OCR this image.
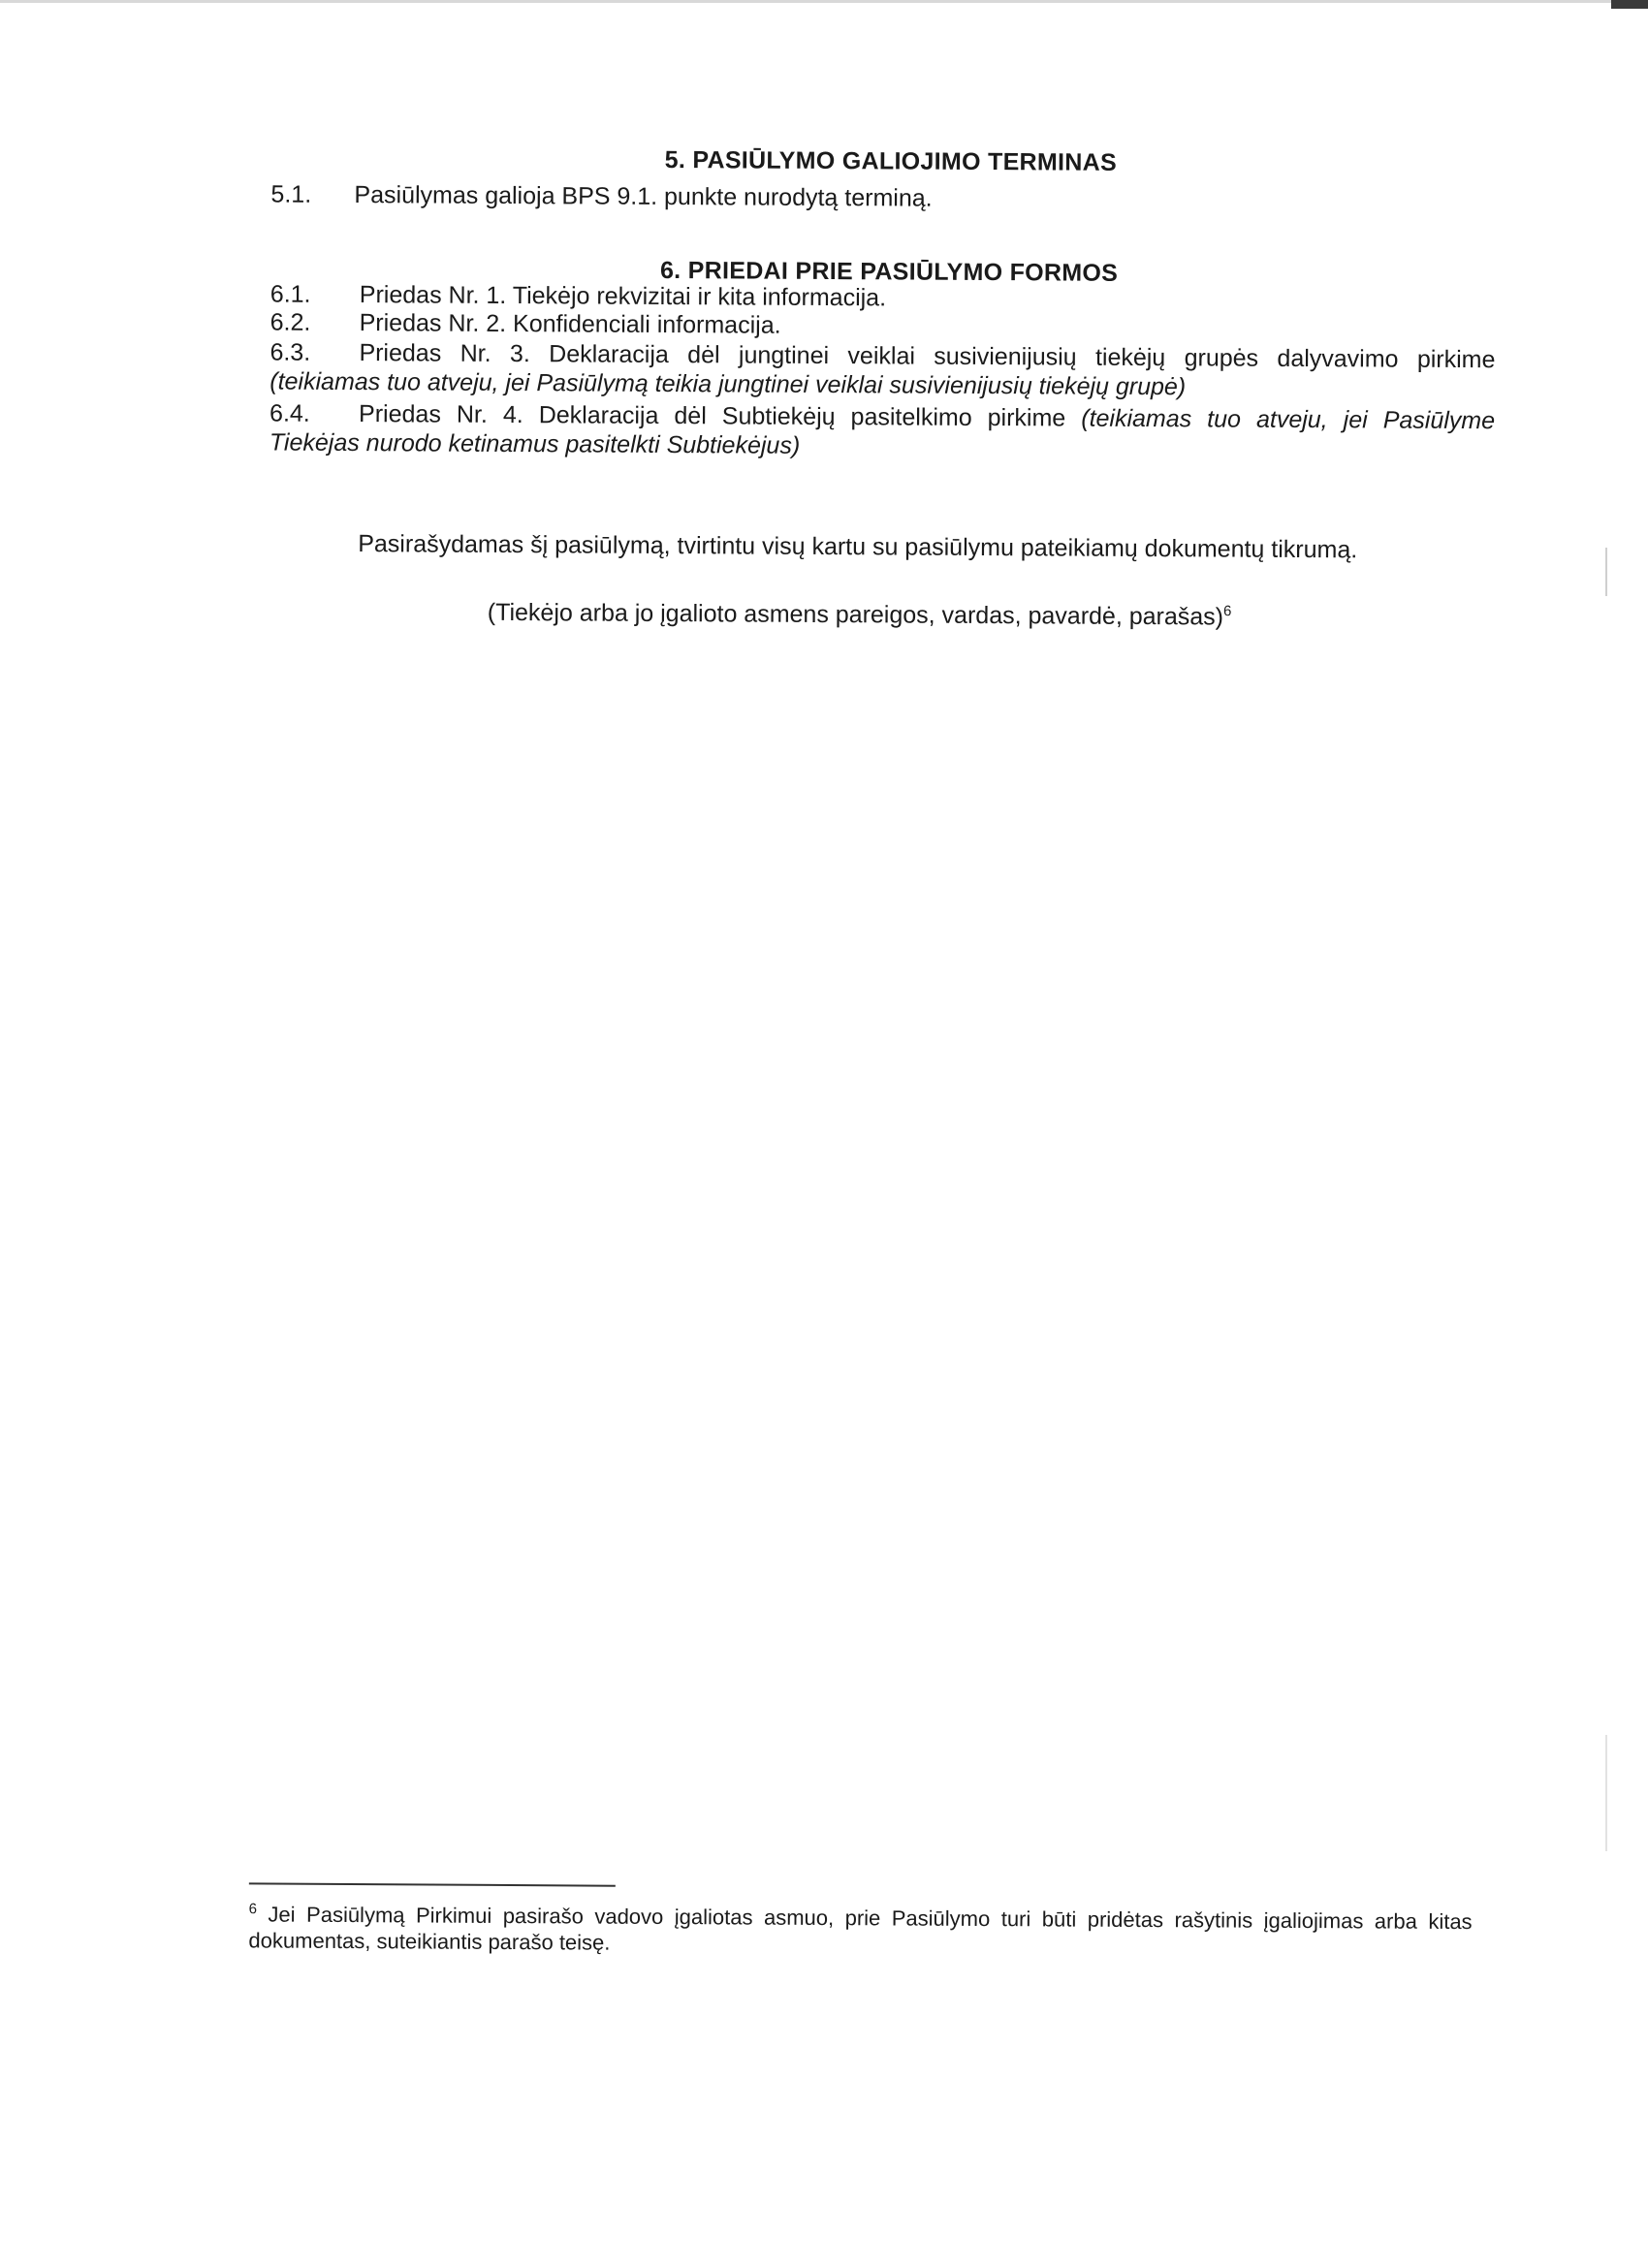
5. PASIŪLYMO GALIOJIMO TERMINAS
5.1. Pasiūlymas galioja BPS 9.1. punkte nurodytą terminą.
6. PRIEDAI PRIE PASIŪLYMO FORMOS
6.1. Priedas Nr. 1. Tiekėjo rekvizitai ir kita informacija.
6.2. Priedas Nr. 2. Konfidenciali informacija.
6.3. Priedas Nr. 3. Deklaracija dėl jungtinei veiklai susivienijusių tiekėjų grupės dalyvavimo pirkime
(teikiamas tuo atveju, jei Pasiūlymą teikia jungtinei veiklai susivienijusių tiekėjų grupė)
6.4. Priedas Nr. 4. Deklaracija dėl Subtiekėjų pasitelkimo pirkime (teikiamas tuo atveju, jei Pasiūlyme
Tiekėjas nurodo ketinamus pasitelkti Subtiekėjus)
Pasirašydamas šį pasiūlymą, tvirtintu visų kartu su pasiūlymu pateikiamų dokumentų tikrumą.
(Tiekėjo arba jo įgalioto asmens pareigos, vardas, pavardė, parašas)$^6$
$^6$ Jei Pasiūlymą Pirkimui pasirašo vadovo įgaliotas asmuo, prie Pasiūlymo turi būti pridėtas rašytinis įgaliojimas arba kitas
dokumentas, suteikiantis parašo teisę.
